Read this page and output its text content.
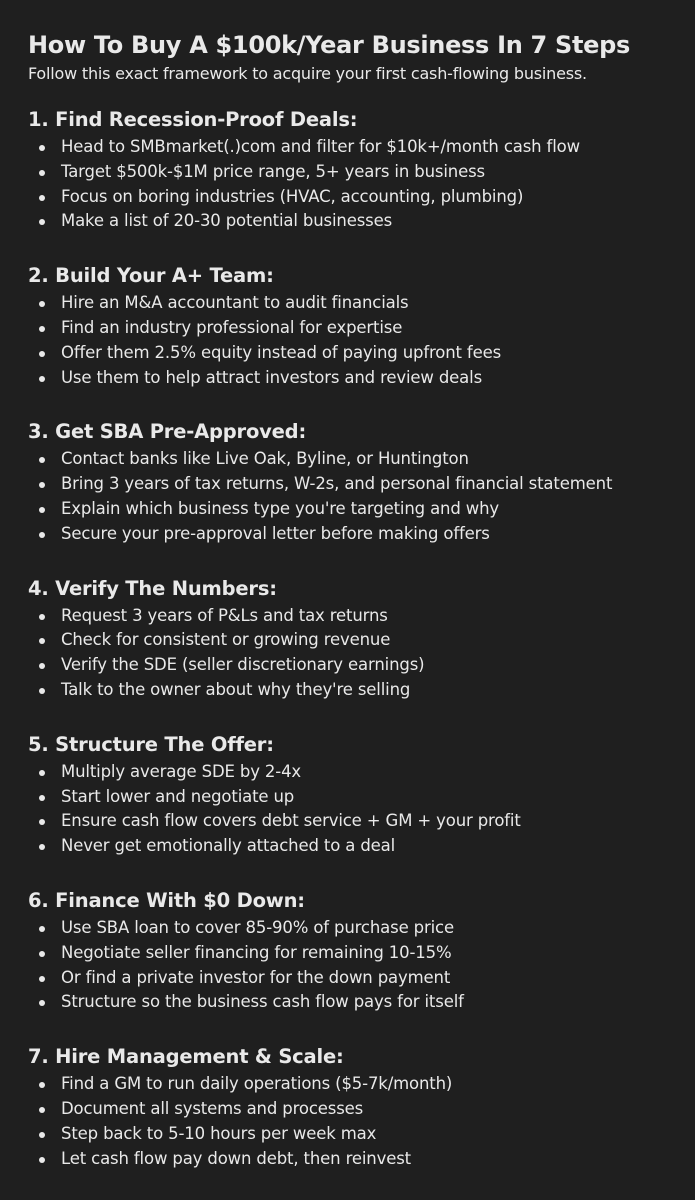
How To Buy A $100k/Year Business In 7 Steps

Follow this exact framework to acquire your first cash-flowing business.

1. Find Recession-Proof Deals:
Head to SMBmarket(.)com and filter for $10k+/month cash flow
Target $500k-$1M price range, 5+ years in business
Focus on boring industries (HVAC, accounting, plumbing)
Make a list of 20-30 potential businesses
2. Build Your A+ Team:
Hire an M&A accountant to audit financials
Find an industry professional for expertise
Offer them 2.5% equity instead of paying upfront fees
Use them to help attract investors and review deals
3. Get SBA Pre-Approved:
Contact banks like Live Oak, Byline, or Huntington
Bring 3 years of tax returns, W-2s, and personal financial statement
Explain which business type you're targeting and why
Secure your pre-approval letter before making offers
4. Verify The Numbers:
Request 3 years of P&Ls and tax returns
Check for consistent or growing revenue
Verify the SDE (seller discretionary earnings)
Talk to the owner about why they're selling
5. Structure The Offer:
Multiply average SDE by 2-4x
Start lower and negotiate up
Ensure cash flow covers debt service + GM + your profit
Never get emotionally attached to a deal
6. Finance With $0 Down:
Use SBA loan to cover 85-90% of purchase price
Negotiate seller financing for remaining 10-15%
Or find a private investor for the down payment
Structure so the business cash flow pays for itself
7. Hire Management & Scale:
Find a GM to run daily operations ($5-7k/month)
Document all systems and processes
Step back to 5-10 hours per week max
Let cash flow pay down debt, then reinvest
